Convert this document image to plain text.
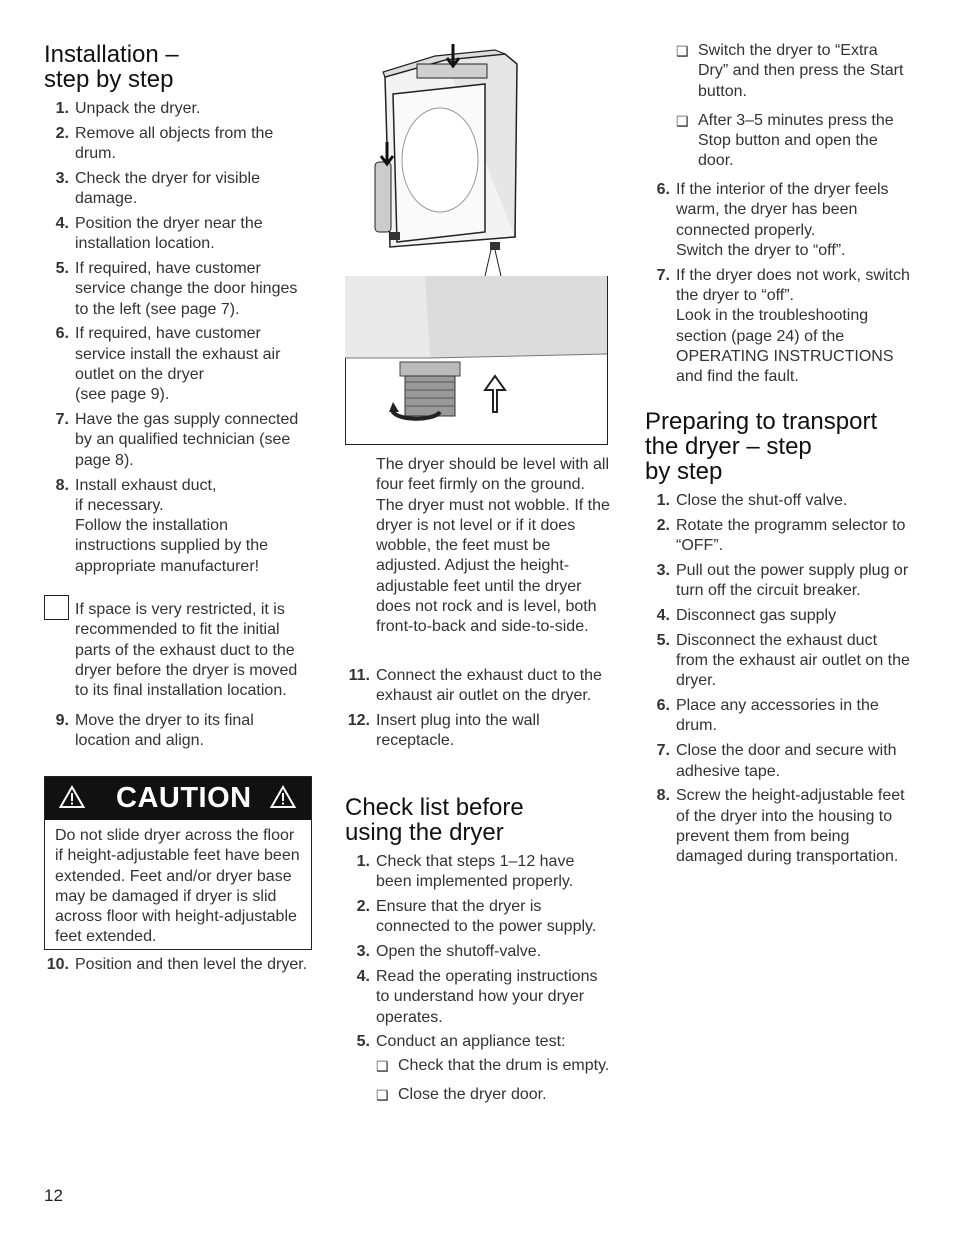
Installation –
step by step
1. Unpack the dryer.
2. Remove all objects from the drum.
3. Check the dryer for visible damage.
4. Position the dryer near the installation location.
5. If required, have customer service change the door hinges to the left (see page 7).
6. If required, have customer service install the exhaust air outlet on the dryer
(see page 9).
7. Have the gas supply connected by an qualified technician (see page 8).
8. Install exhaust duct,
if necessary.
Follow the installation instructions supplied by the appropriate manufacturer!
9. Move the dryer to its final location and align.
10. Position and then level the dryer.
If space is very restricted, it is recommended to fit the initial parts of the exhaust duct to the dryer before the dryer is moved to its final installation location.
CAUTION
Do not slide dryer across the floor if height-adjustable feet have been extended. Feet and/or dryer base may be damaged if dryer is slid across floor with height-adjustable feet extended.
12
The dryer should be level with all four feet firmly on the ground. The dryer must not wobble. If the dryer is not level or if it does wobble, the feet must be adjusted. Adjust the height-adjustable feet until the dryer does not rock and is level, both front-to-back and side-to-side.
11. Connect the exhaust duct to the exhaust air outlet on the dryer.
12. Insert plug into the wall receptacle.
Check list before
using the dryer
1. Check that steps 1–12 have been implemented properly.
2. Ensure that the dryer is connected to the power supply.
3. Open the shutoff-valve.
4. Read the operating instructions to understand how your dryer operates.
5. Conduct an appliance test:
❑ Check that the drum is empty.
❑ Close the dryer door.
❑ Switch the dryer to “Extra Dry” and then press the Start button.
❑ After 3–5 minutes press the Stop button and open the door.
6. If the interior of the dryer feels warm, the dryer has been connected properly.
Switch the dryer to “off”.
7. If the dryer does not work, switch the dryer to “off”.
Look in the troubleshooting section (page 24) of the OPERATING INSTRUCTIONS and find the fault.
Preparing to transport
the dryer – step
by step
1. Close the shut-off valve.
2. Rotate the programm selector to “OFF”.
3. Pull out the power supply plug or
turn off the circuit breaker.
4. Disconnect gas supply
5. Disconnect the exhaust duct from the exhaust air outlet on the dryer.
6. Place any accessories in the drum.
7. Close the door and secure with adhesive tape.
8. Screw the height-adjustable feet of the dryer into the housing to prevent them from being damaged during transportation.
